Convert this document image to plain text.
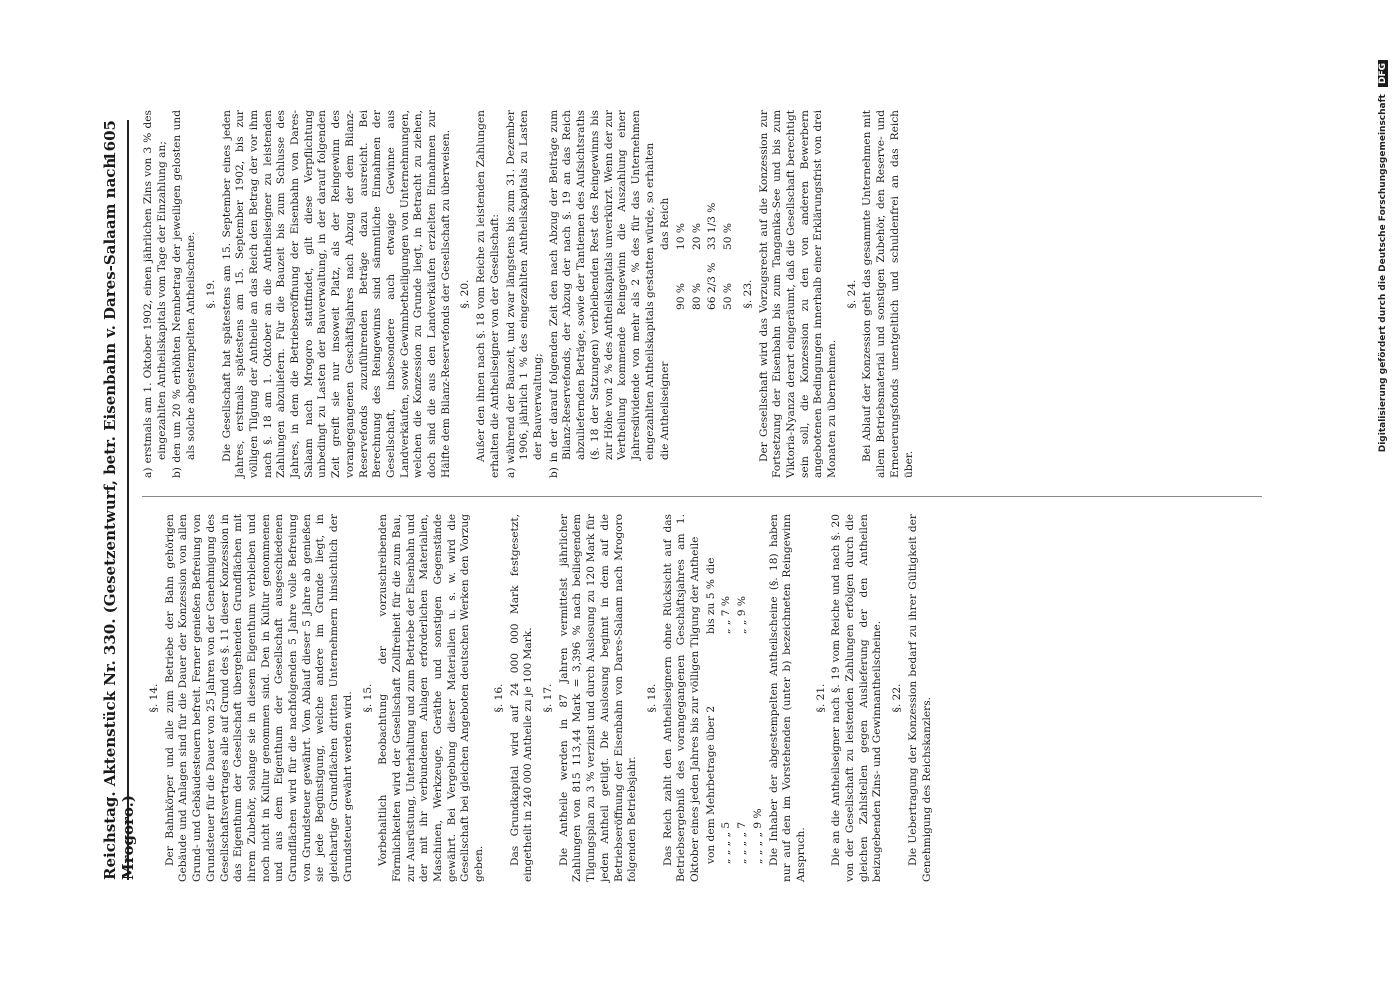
Reichstag. Aktenstück Nr. 330. (Gesetzentwurf, betr. Eisenbahn v. Dares-Salaam nach Mrogoro.)
1605
§. 14. Der Bahnkörper und alle zum Betriebe der Bahn gehörigen Gebäude und Anlagen sind für die Dauer der Konzession von allen Grund- und Gebäudesteuern befreit. Ferner genießen Befreiung von Grundsteuer für die Dauer von 25 Jahren von der Genehmigung des Gesellschaftsvertrages alle auf Grund des §. 11 dieser Konzession in das Eigenthum der Gesellschaft übergehenden Grundflächen mit ihrem Zubehör, solange sie in diesem Eigenthum verbleiben und noch nicht in Kultur genommen sind. Den in Kultur genommenen und aus dem Eigenthum der Gesellschaft ausgeschiedenen Grundflächen wird für die nachfolgenden 5 Jahre volle Befreiung von Grundsteuer gewährt. Vom Ablauf dieser 5 Jahre ab genießen sie jede Begünstigung, welche andere im Grunde liegt, in gleichartige Grundflächen dritten Unternehmern hinsichtlich der Grundsteuer gewährt werden wird. §. 15. Vorbehaltlich Beobachtung der vorzuschreibenden Förmlichkeiten wird der Gesellschaft Zollfreiheit für die zum Bau, zur Ausrüstung, Unterhaltung und zum Betriebe der Eisenbahn und der mit ihr verbundenen Anlagen erforderlichen Materialien, Maschinen, Werkzeuge, Geräthe und sonstigen Gegenstände gewährt. Bei Vergebung dieser Materialien u. s. w. wird die Gesellschaft bei gleichen Angeboten deutschen Werken den Vorzug geben.
§. 16. Das Grundkapital wird auf 24 000 000 Mark festgesetzt, eingetheilt in 240 000 Antheile zu je 100 Mark. §. 17. Die Antheile werden in 87 Jahren vermittelst jährlicher Zahlungen von 815 113,44 Mark = 3,396 % nach beiliegendem Tilgungsplan zu 3 % verzinst und durch Auslosung zu 120 Mark für jeden Antheil getilgt. Die Auslosung beginnt in dem auf die Betriebseröffnung der Eisenbahn von Dares-Salaam nach Mrogoro folgenden Betriebsjahr.
§. 18. Das Reich zahlt den Antheilseignern ohne Rücksicht auf das Betriebsergebniß des vorangegangenen Geschäftsjahres am 1. Oktober eines jeden Jahres bis zur völligen Tilgung der Antheile von dem Mehrbetrage über 2
bis zu 5 %
die
„ „ „ „ 5
„ „ 7 %
„ „ „ „ 7
„ „ 9 %
„ „ „ „ 9 % Die Inhaber der abgestempelten Antheilscheine (§. 18) haben nur auf den im Vorstehenden (unter b) bezeichneten Reingewinn Anspruch.
§. 21. Die an die Antheilseigner nach §. 19 vom Reiche und nach §. 20 von der Gesellschaft zu leistenden Zahlungen erfolgen durch die gleichen Zahlstellen gegen Auslieferung der den Antheilen beizugebenden Zins- und Gewinnantheilscheine. §. 22. Die Uebertragung der Konzession bedarf zu ihrer Gültigkeit der Genehmigung des Reichskanzlers.
a) erstmals am 1. Oktober 1902, einen jährlichen Zins von 3 % des eingezahlten Antheilskapitals vom Tage der Einzahlung an; b) den um 20 % erhöhten Nennbetrag der jeweiligen gelosten und als solche abgestempelten Antheilscheine. §. 19. Die Gesellschaft hat spätestens am 15. September eines jeden Jahres, erstmals spätestens am 15. September 1902, bis zur völligen Tilgung der Antheile an das Reich den Betrag der vor ihm nach §. 18 am 1. Oktober an die Antheilseigner zu leistenden Zahlungen abzuliefern. Für die Bauzeit bis zum Schlusse des Jahres, in dem die Betriebseröffnung der Eisenbahn von Dares-Salaam nach Mrogoro stattfindet, gilt diese Verpflichtung unbedingt zu Lasten der Bauverwaltung, in der darauf folgenden Zeit greift sie nur insoweit Platz, als der Reingewinn des vorangegangenen Geschäftsjahres nach Abzug der dem Bilanz-Reservefonds zuzuführenden Beträge dazu ausreicht. Bei Berechnung des Reingewinns sind sämmtliche Einnahmen der Gesellschaft, insbesondere auch etwaige Gewinne aus Landverkäufen, sowie Gewinnbetheiligungen von Unternehmungen, welchen die Konzession zu Grunde liegt, in Betracht zu ziehen, doch sind die aus den Landverkäufen erzielten Einnahmen zur Hälfte dem Bilanz-Reservefonds der Gesellschaft zu überweisen. §. 20. Außer den ihnen nach §. 18 vom Reiche zu leistenden Zahlungen erhalten die Antheilseigner von der Gesellschaft: a) während der Bauzeit, und zwar längstens bis zum 31. Dezember 1906, jährlich 1 % des eingezahlten Antheilskapitals zu Lasten der Bauverwaltung; b) in der darauf folgenden Zeit den nach Abzug der Beiträge zum Bilanz-Reservefonds, der Abzug der nach §. 19 an das Reich abzuliefernden Beträge, sowie der Tantiemen des Aufsichtsraths (§. 18 der Satzungen) verbleibenden Rest des Reingewinns bis zur Höhe von 2 % des Antheilskapitals unverkürzt. Wenn der zur Vertheilung kommende Reingewinn die Auszahlung einer Jahresdividende von mehr als 2 % des für das Unternehmen eingezahlten Antheilskapitals gestatten würde, so erhalten die Antheilseigner
das Reich
90 %
10 %
80 %
20 %
66 2/3 %
33 1/3 %
50 %
50 %
§. 23. Der Gesellschaft wird das Vorzugsrecht auf die Konzession zur Fortsetzung der Eisenbahn bis zum Tanganika-See und bis zum Viktoria-Nyanza derart eingeräumt, daß die Gesellschaft berechtigt sein soll, die Konzession zu den von anderen Bewerbern angebotenen Bedingungen innerhalb einer Erklärungsfrist von drei Monaten zu übernehmen.
§. 24. Bei Ablauf der Konzession geht das gesammte Unternehmen mit allem Betriebsmaterial und sonstigen Zubehör, den Reserve- und Erneuerungsfonds unentgeltlich und schuldenfrei an das Reich über.
Digitalisierung gefördert durch die Deutsche Forschungsgemeinschaft DFG
